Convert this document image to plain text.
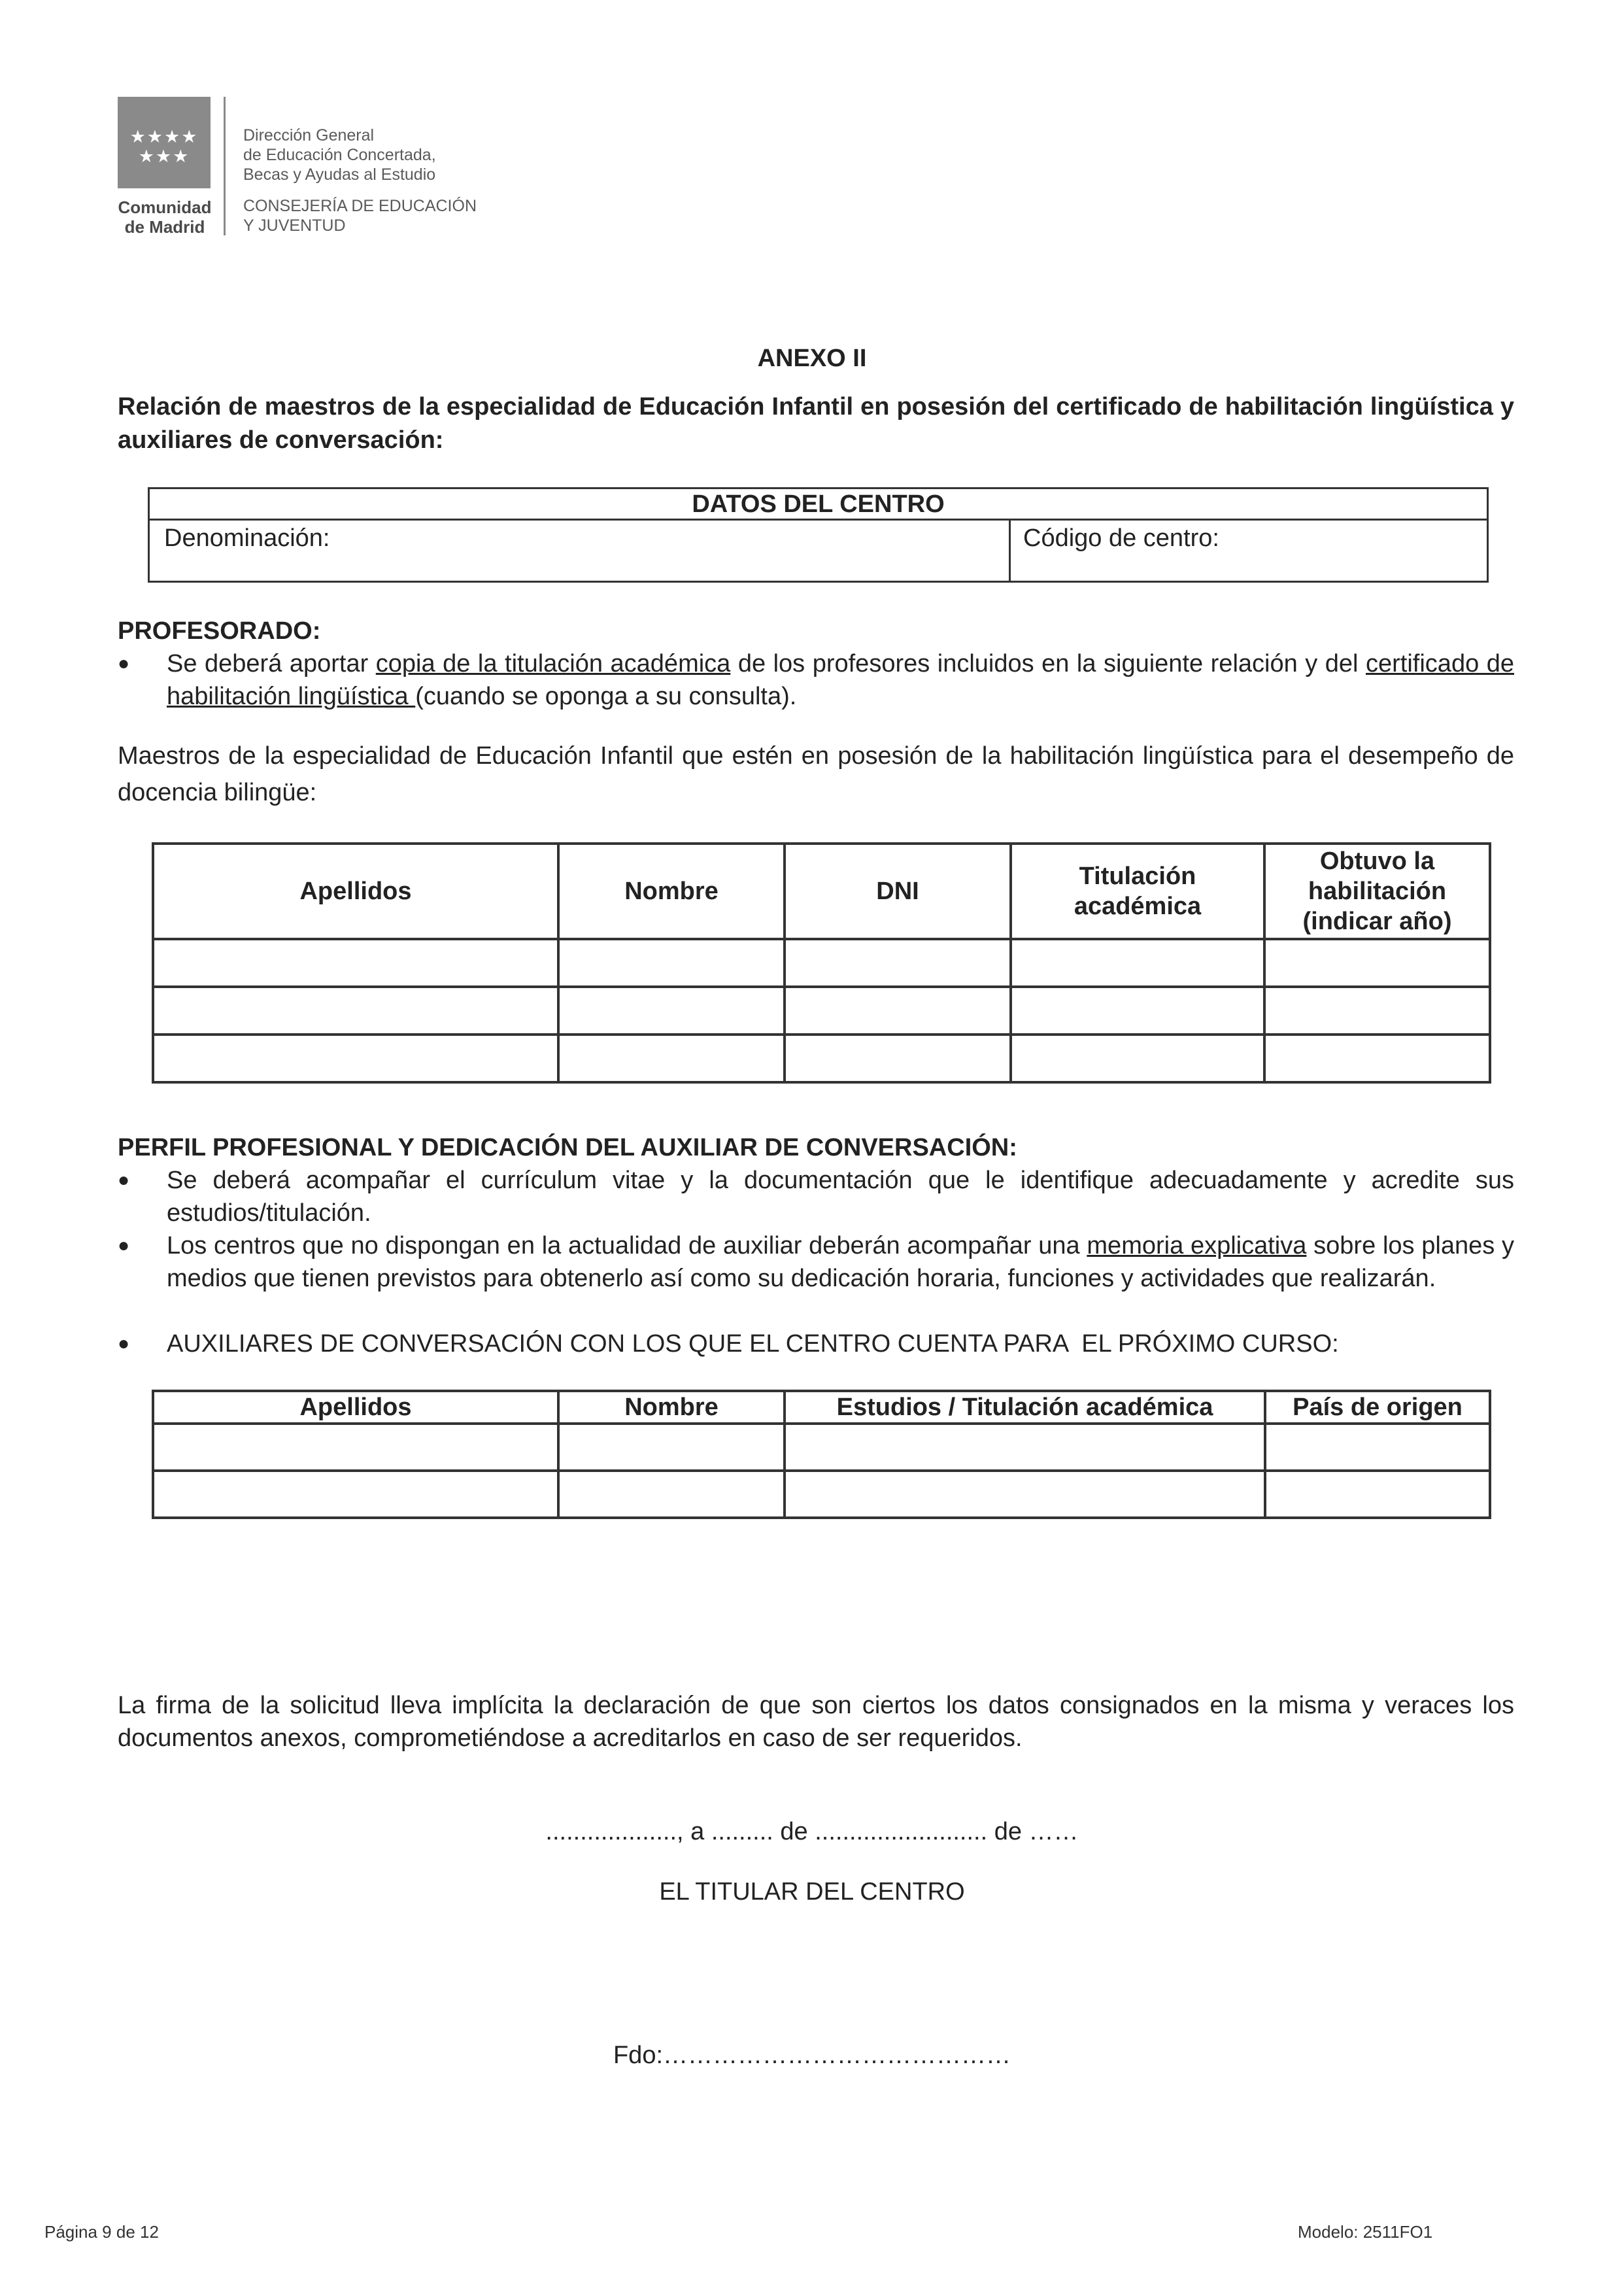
★★★★
★★★
Comunidad
de Madrid
Dirección General
de Educación Concertada,
Becas y Ayudas al Estudio
CONSEJERÍA DE EDUCACIÓN
Y JUVENTUD
ANEXO II
Relación de maestros de la especialidad de Educación Infantil en posesión del certificado de habilitación lingüística y auxiliares de conversación:
DATOS DEL CENTRO
Denominación:	Código de centro:
PROFESORADO:
●	Se deberá aportar copia de la titulación académica de los profesores incluidos en la siguiente relación y del certificado de habilitación lingüística (cuando se oponga a su consulta).
Maestros de la especialidad de Educación Infantil que estén en posesión de la habilitación lingüística para el desempeño de docencia bilingüe:
Apellidos	Nombre	DNI	Titulación académica	Obtuvo la habilitación (indicar año)

PERFIL PROFESIONAL Y DEDICACIÓN DEL AUXILIAR DE CONVERSACIÓN:
●	Se deberá acompañar el currículum vitae y la documentación que le identifique adecuadamente y acredite sus estudios/titulación.
●	Los centros que no dispongan en la actualidad de auxiliar deberán acompañar una memoria explicativa sobre los planes y medios que tienen previstos para obtenerlo así como su dedicación horaria, funciones y actividades que realizarán.
●	AUXILIARES DE CONVERSACIÓN CON LOS QUE EL CENTRO CUENTA PARA  EL PRÓXIMO CURSO:
Apellidos	Nombre	Estudios / Titulación académica	País de origen

La firma de la solicitud lleva implícita la declaración de que son ciertos los datos consignados en la misma y veraces los documentos anexos, comprometiéndose a acreditarlos en caso de ser requeridos.
..................., a ......... de ......................... de ……
EL TITULAR DEL CENTRO
Fdo:……………………………………
Página 9 de 12	Modelo: 2511FO1
